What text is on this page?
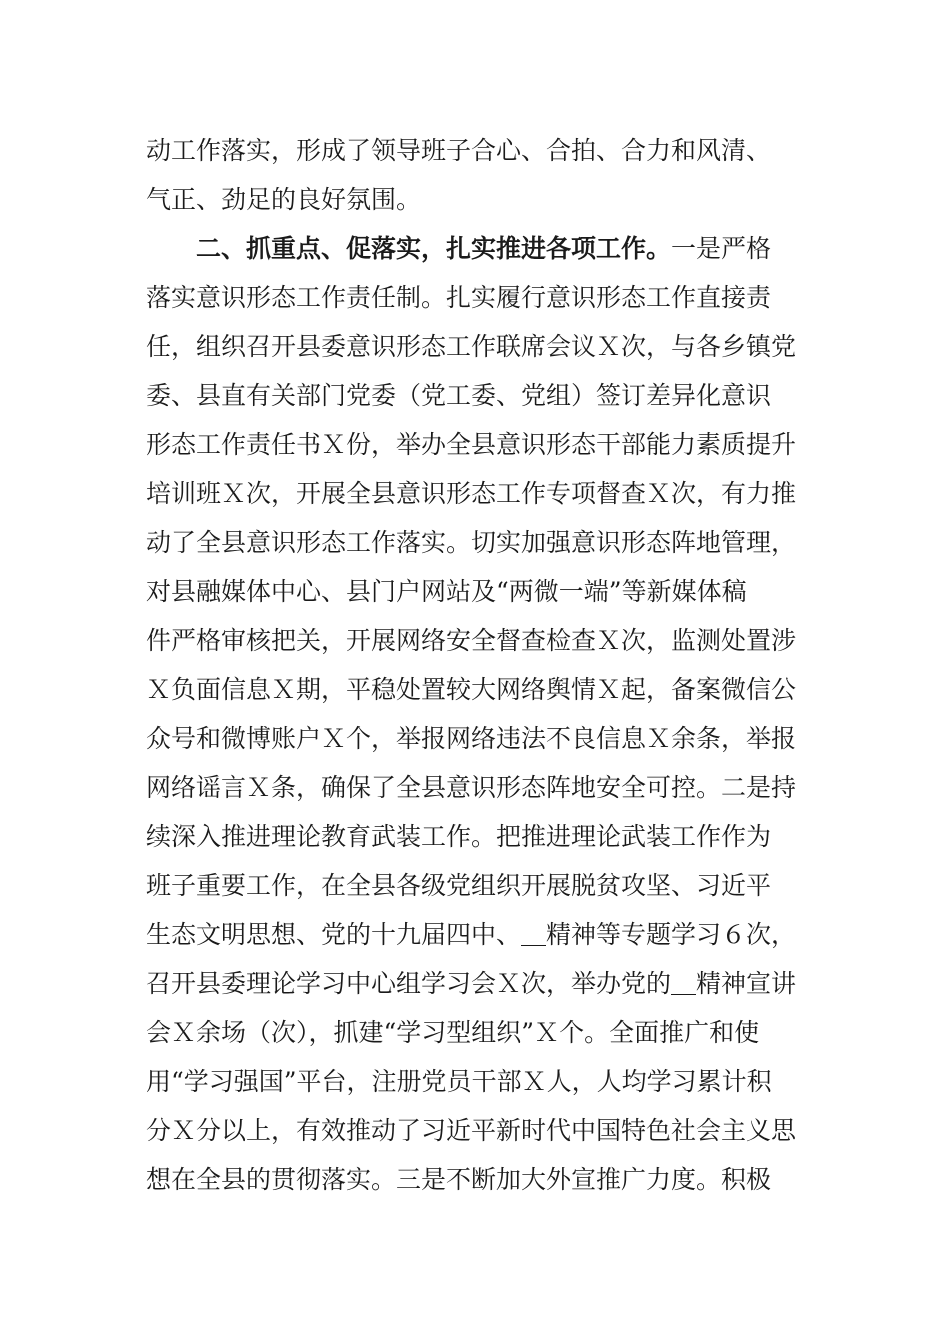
动工作落实，形成了领导班子合心、合拍、合力和风清、
气正、劲足的良好氛围。
二、抓重点、促落实，扎实推进各项工作。一是严格
落实意识形态工作责任制。扎实履行意识形态工作直接责
任，组织召开县委意识形态工作联席会议Ｘ次，与各乡镇党
委、县直有关部门党委（党工委、党组）签订差异化意识
形态工作责任书Ｘ份，举办全县意识形态干部能力素质提升
培训班Ｘ次，开展全县意识形态工作专项督查Ｘ次，有力推
动了全县意识形态工作落实。切实加强意识形态阵地管理，
对县融媒体中心、县门户网站及“两微一端”等新媒体稿
件严格审核把关，开展网络安全督查检查Ｘ次，监测处置涉
Ｘ负面信息Ｘ期，平稳处置较大网络舆情Ｘ起，备案微信公
众号和微博账户Ｘ个，举报网络违法不良信息Ｘ余条，举报
网络谣言Ｘ条，确保了全县意识形态阵地安全可控。二是持
续深入推进理论教育武装工作。把推进理论武装工作作为
班子重要工作，在全县各级党组织开展脱贫攻坚、习近平
生态文明思想、党的十九届四中、＿精神等专题学习６次，
召开县委理论学习中心组学习会Ｘ次，举办党的＿精神宣讲
会Ｘ余场（次），抓建“学习型组织”Ｘ个。全面推广和使
用“学习强国”平台，注册党员干部Ｘ人，人均学习累计积
分Ｘ分以上，有效推动了习近平新时代中国特色社会主义思
想在全县的贯彻落实。三是不断加大外宣推广力度。积极
